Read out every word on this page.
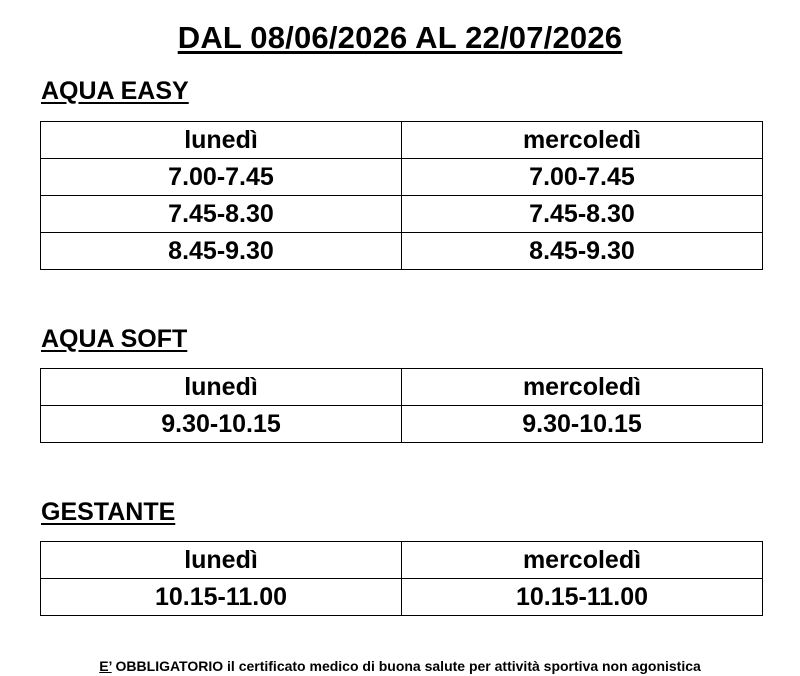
DAL 08/06/2026 AL 22/07/2026
AQUA EASY
lunedì	mercoledì
7.00-7.45	7.00-7.45
7.45-8.30	7.45-8.30
8.45-9.30	8.45-9.30
AQUA SOFT
lunedì	mercoledì
9.30-10.15	9.30-10.15
GESTANTE
lunedì	mercoledì
10.15-11.00	10.15-11.00
E’ OBBLIGATORIO il certificato medico di buona salute per attività sportiva non agonistica
